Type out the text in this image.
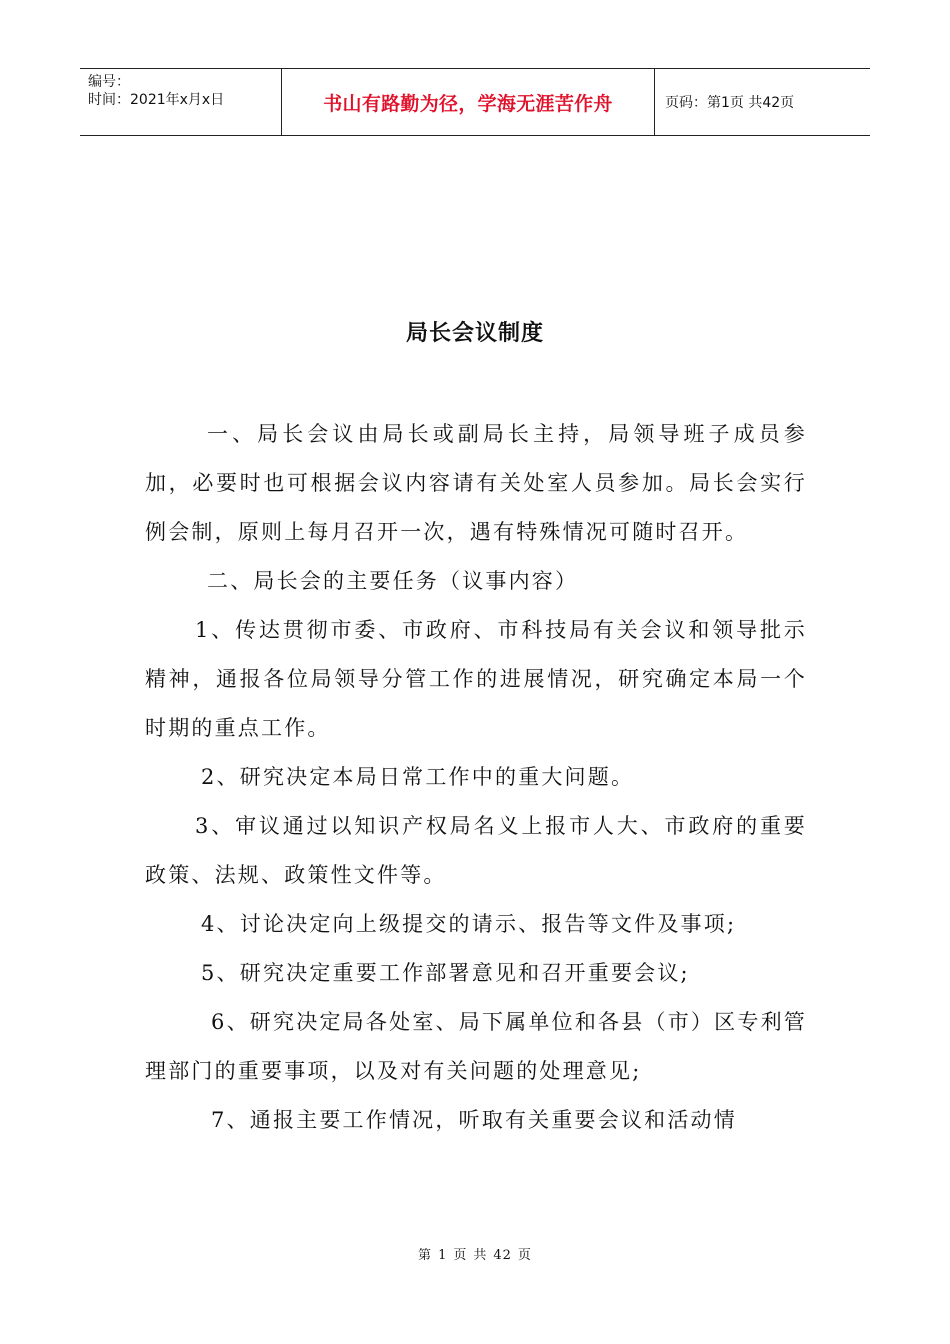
编号：
时间：2021年x月x日	书山有路勤为径，学海无涯苦作舟	页码：第1页 共42页
局长会议制度

一、局长会议由局长或副局长主持，局领导班子成员参加，必要时也可根据会议内容请有关处室人员参加。局长会实行例会制，原则上每月召开一次，遇有特殊情况可随时召开。

二、局长会的主要任务（议事内容）

1、传达贯彻市委、市政府、市科技局有关会议和领导批示精神，通报各位局领导分管工作的进展情况，研究确定本局一个时期的重点工作。

2、研究决定本局日常工作中的重大问题。

3、审议通过以知识产权局名义上报市人大、市政府的重要政策、法规、政策性文件等。

4、讨论决定向上级提交的请示、报告等文件及事项;

5、研究决定重要工作部署意见和召开重要会议;

6、研究决定局各处室、局下属单位和各县（市）区专利管理部门的重要事项，以及对有关问题的处理意见;

7、通报主要工作情况，听取有关重要会议和活动情

第 1 页 共 42 页
